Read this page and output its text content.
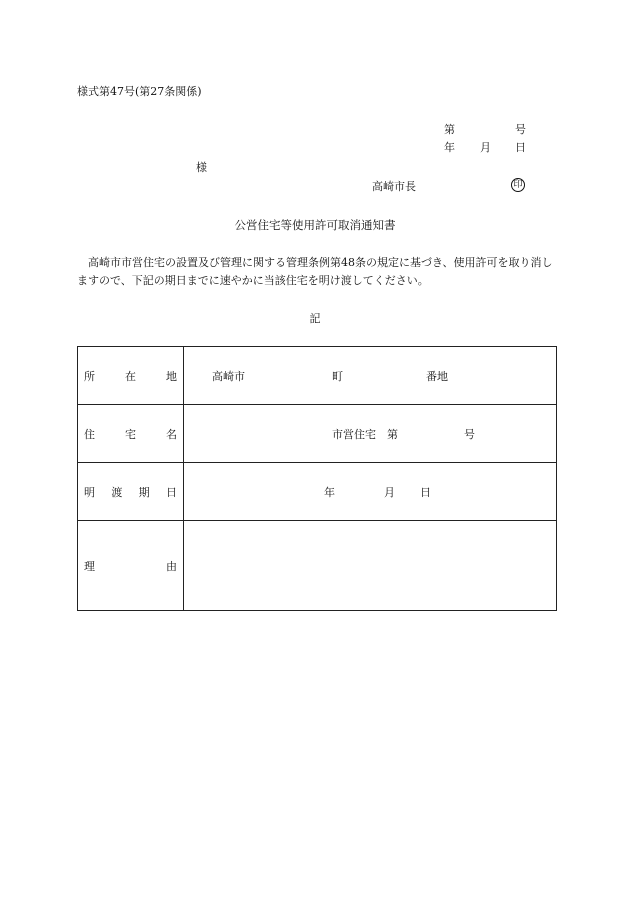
様式第47号(第27条関係)
第	号
年 月 日
様
高崎市長	印
公営住宅等使用許可取消通知書
高崎市市営住宅の設置及び管理に関する管理条例第48条の規定に基づき、使用許可を取り消しますので、下記の期日までに速やかに当該住宅を明け渡してください。
記
所 在 地	高崎市 町 番地

住 宅 名	市営住宅　第 号

明 渡 期 日	年 月 日

理 由	
